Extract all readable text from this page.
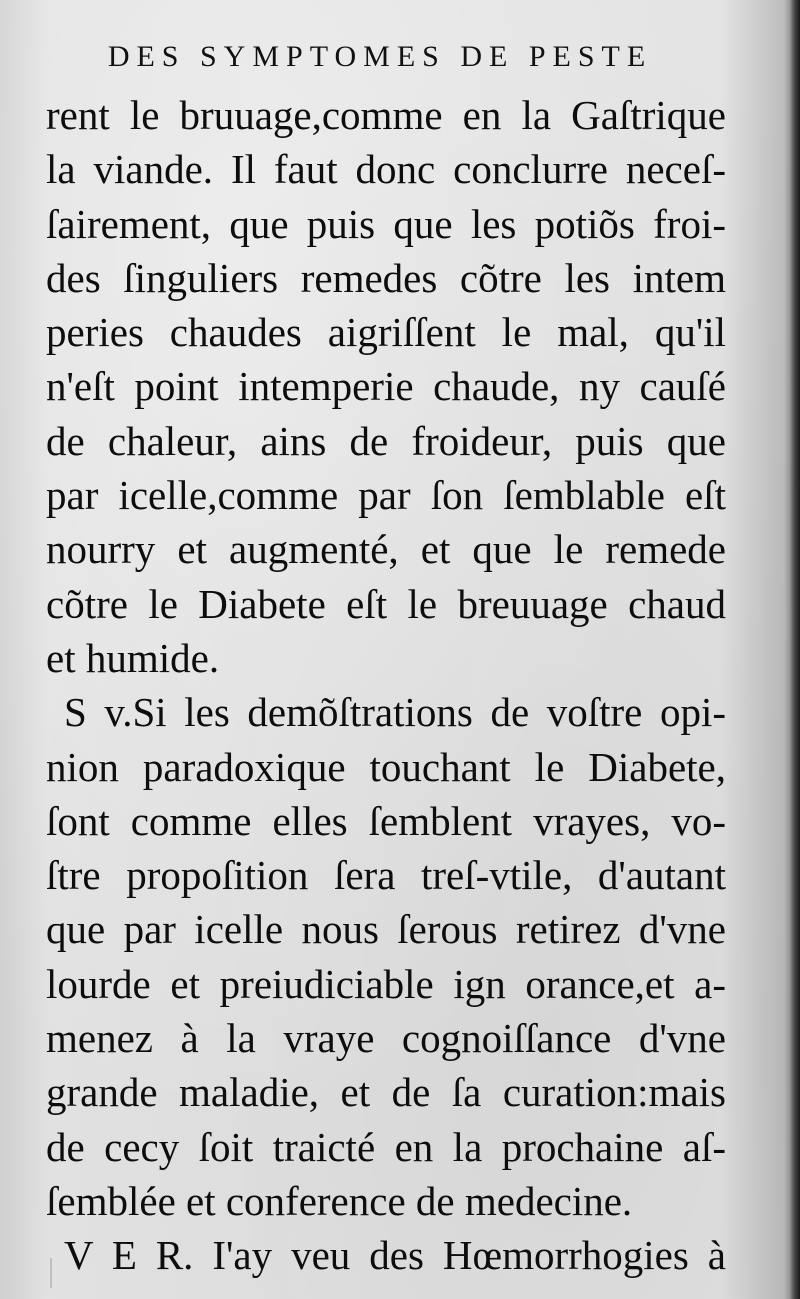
DES SYMPTOMES DE PESTE
rent le bruuage,comme en la Gaſtrique
la viande. Il faut donc conclurre neceſ-
ſairement, que puis que les potiõs froi-
des ſinguliers remedes cõtre les intem
peries chaudes aigriſſent le mal, qu'il
n'eſt point intemperie chaude, ny cauſé
de chaleur, ains de froideur, puis que
par icelle,comme par ſon ſemblable eſt
nourry et augmenté, et que le remede
cõtre le Diabete eſt le breuuage chaud
et humide.
S v.Si les demõſtrations de voſtre opi-
nion paradoxique touchant le Diabete,
ſont comme elles ſemblent vrayes, vo-
ſtre propoſition ſera treſ-vtile, d'autant
que par icelle nous ſerous retirez d'vne
lourde et preiudiciable ign orance,et a-
menez à la vraye cognoiſſance d'vne
grande maladie, et de ſa curation:mais
de cecy ſoit traicté en la prochaine aſ-
ſemblée et conference de medecine.
V E R. I'ay veu des Hœmorrhogies à
